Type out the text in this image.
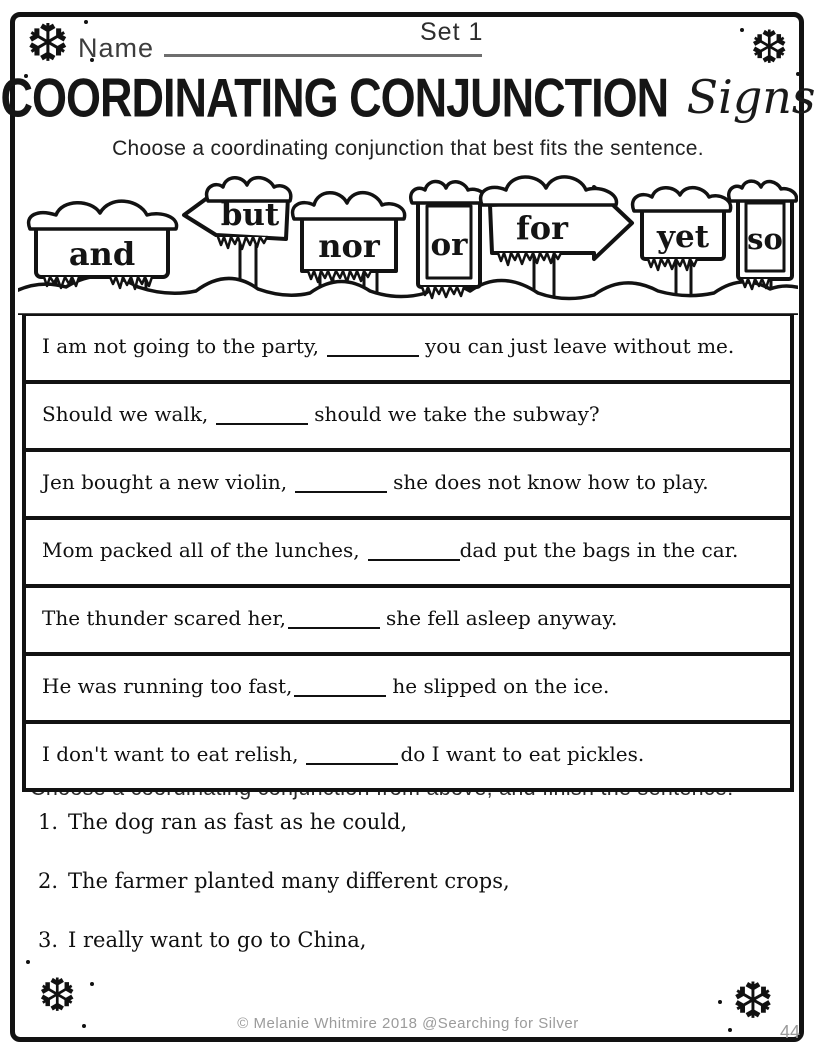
❆	❆
❆	❆
Name
Set 1
COORDINATING CONJUNCTION Signs
Choose a coordinating conjunction that best fits the sentence.
and
but
nor or for	yet so
I am not going to the party,	you can just leave without me.
Should we walk,	should we take the subway?
Jen bought a new violin,	she does not know how to play.
Mom packed all of the lunches,	dad put the bags in the car.
The thunder scared her,	she fell asleep anyway.
He was running too fast,	he slipped on the ice.
I don't want to eat relish,	do I want to eat pickles.
1. The dog ran as fast as he could,
2. The farmer planted many different crops,
3. I really want to go to China,
© Melanie Whitmire 2018 @Searching for Silver	44
